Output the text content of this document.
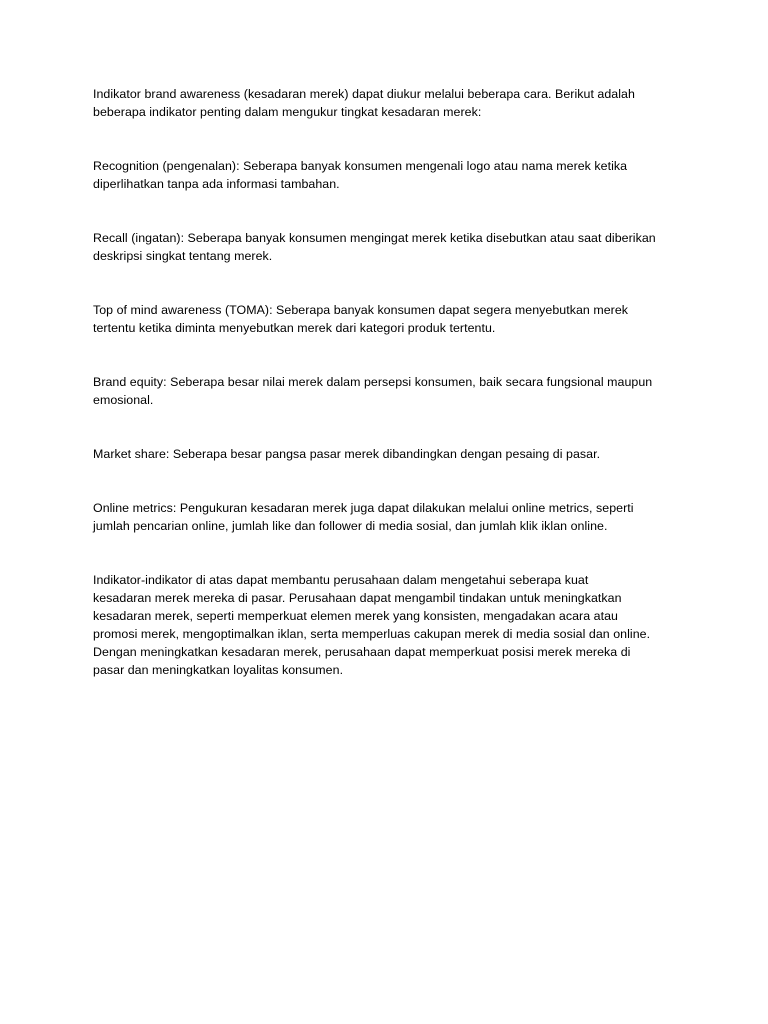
Indikator brand awareness (kesadaran merek) dapat diukur melalui beberapa cara. Berikut adalah
beberapa indikator penting dalam mengukur tingkat kesadaran merek:

Recognition (pengenalan): Seberapa banyak konsumen mengenali logo atau nama merek ketika
diperlihatkan tanpa ada informasi tambahan.

Recall (ingatan): Seberapa banyak konsumen mengingat merek ketika disebutkan atau saat diberikan
deskripsi singkat tentang merek.

Top of mind awareness (TOMA): Seberapa banyak konsumen dapat segera menyebutkan merek
tertentu ketika diminta menyebutkan merek dari kategori produk tertentu.

Brand equity: Seberapa besar nilai merek dalam persepsi konsumen, baik secara fungsional maupun
emosional.

Market share: Seberapa besar pangsa pasar merek dibandingkan dengan pesaing di pasar.

Online metrics: Pengukuran kesadaran merek juga dapat dilakukan melalui online metrics, seperti
jumlah pencarian online, jumlah like dan follower di media sosial, dan jumlah klik iklan online.

Indikator-indikator di atas dapat membantu perusahaan dalam mengetahui seberapa kuat
kesadaran merek mereka di pasar. Perusahaan dapat mengambil tindakan untuk meningkatkan
kesadaran merek, seperti memperkuat elemen merek yang konsisten, mengadakan acara atau
promosi merek, mengoptimalkan iklan, serta memperluas cakupan merek di media sosial dan online.
Dengan meningkatkan kesadaran merek, perusahaan dapat memperkuat posisi merek mereka di
pasar dan meningkatkan loyalitas konsumen.
